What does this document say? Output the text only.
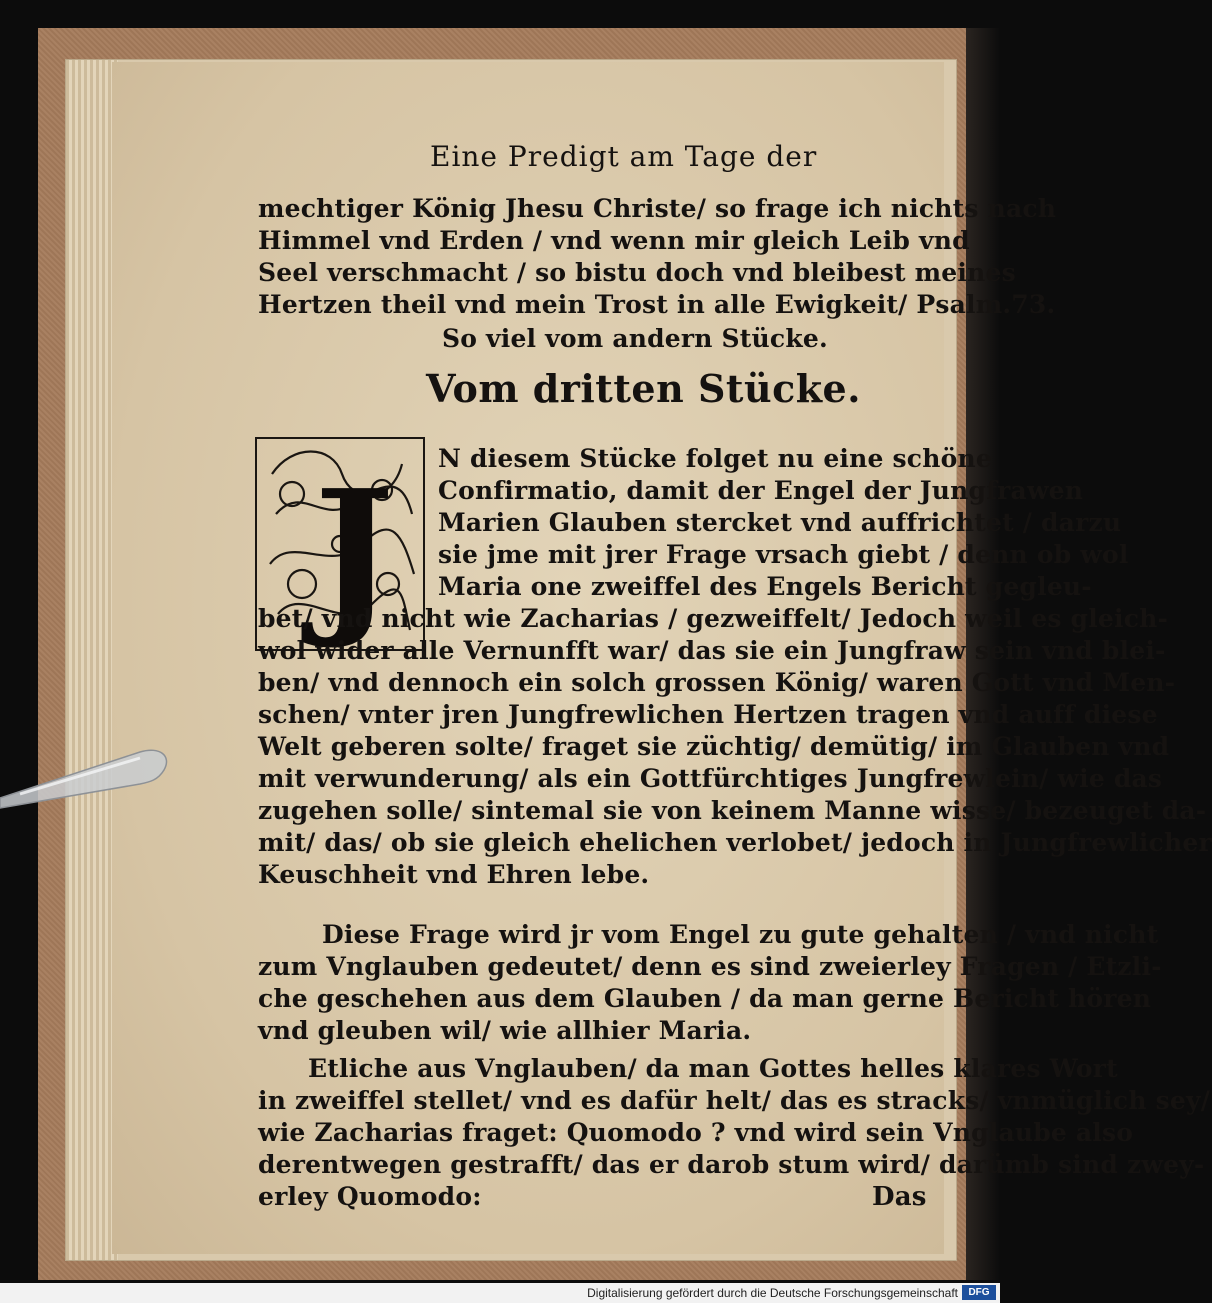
Eine Predigt am Tage der
mechtiger König Jhesu Christe/ so frage ich nichts nach
Himmel vnd Erden / vnd wenn mir gleich Leib vnd
Seel verschmacht / so bistu doch vnd bleibest meines
Hertzen theil vnd mein Trost in alle Ewigkeit/ Psalm.73.
So viel vom andern Stücke.
Vom dritten Stücke.
J N diesem Stücke folget nu eine schöne
Confirmatio, damit der Engel der Jungfrawen
Marien Glauben stercket vnd auffrichtet / darzu
sie jme mit jrer Frage vrsach giebt / denn ob wol
Maria one zweiffel des Engels Bericht gegleu-
bet/ vnd nicht wie Zacharias / gezweiffelt/ Jedoch weil es gleich-
wol wider alle Vernunfft war/ das sie ein Jungfraw sein vnd blei-
ben/ vnd dennoch ein solch grossen König/ waren Gott vnd Men-
schen/ vnter jren Jungfrewlichen Hertzen tragen vnd auff diese
Welt geberen solte/ fraget sie züchtig/ demütig/ im Glauben vnd
mit verwunderung/ als ein Gottfürchtiges Jungfrewlein/ wie das
zugehen solle/ sintemal sie von keinem Manne wisse/ bezeuget da-
mit/ das/ ob sie gleich ehelichen verlobet/ jedoch in Jungfrewlicher
Keuschheit vnd Ehren lebe.
Diese Frage wird jr vom Engel zu gute gehalten / vnd nicht
zum Vnglauben gedeutet/ denn es sind zweierley Fragen / Etzli-
che geschehen aus dem Glauben / da man gerne Bericht hören
vnd gleuben wil/ wie allhier Maria.
Etliche aus Vnglauben/ da man Gottes helles klares Wort
in zweiffel stellet/ vnd es dafür helt/ das es stracks/ vnmüglich sey/
wie Zacharias fraget: Quomodo ? vnd wird sein Vnglaube also
derentwegen gestrafft/ das er darob stum wird/ darümb sind zwey-
erley Quomodo:	Das
Digitalisierung gefördert durch die Deutsche Forschungsgemeinschaft	DFG
